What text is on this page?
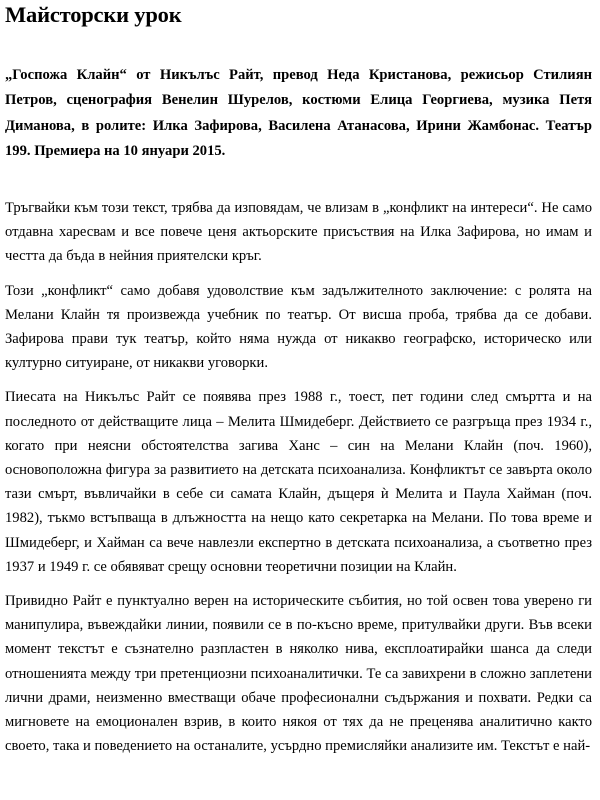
Майсторски урок

„Госпожа Клайн“ от Никълъс Райт, превод Неда Кристанова, режисьор Стилиян Петров, сценография Венелин Шурелов, костюми Елица Георгиева, музика Петя Диманова, в ролите: Илка Зафирова, Василена Атанасова, Ирини Жамбонас. Театър 199. Премиера на 10 януари 2015.

Тръгвайки към този текст, трябва да изповядам, че влизам в „конфликт на интереси“. Не само отдавна харесвам и все повече ценя актьорските присъствия на Илка Зафирова, но имам и честта да бъда в нейния приятелски кръг.

Този „конфликт“ само добавя удоволствие към задължителното заключение: с ролята на Мелани Клайн тя произвежда учебник по театър. От висша проба, трябва да се добави. Зафирова прави тук театър, който няма нужда от никакво географско, историческо или културно ситуиране, от никакви уговорки.

Пиесата на Никълъс Райт се появява през 1988 г., тоест, пет години след смъртта и на последното от действащите лица – Мелита Шмидеберг. Действието се разгръща през 1934 г., когато при неясни обстоятелства загива Ханс – син на Мелани Клайн (поч. 1960), основоположна фигура за развитието на детската психоанализа. Конфликтът се завърта около тази смърт, въвличайки в себе си самата Клайн, дъщеря ѝ Мелита и Паула Хайман (поч. 1982), тъкмо встъпваща в длъжността на нещо като секретарка на Мелани. По това време и Шмидеберг, и Хайман са вече навлезли експертно в детската психоанализа, а съответно през 1937 и 1949 г. се обявяват срещу основни теоретични позиции на Клайн.

Привидно Райт е пунктуално верен на историческите събития, но той освен това уверено ги манипулира, въвеждайки линии, появили се в по-късно време, притулвайки други. Във всеки момент текстът е съзнателно разпластен в няколко нива, експлоатирайки шанса да следи отношенията между три претенциозни психоаналитички. Те са завихрени в сложно заплетени лични драми, неизменно вместващи обаче професионални съдържания и похвати. Редки са мигновете на емоционален взрив, в които някоя от тях да не преценява аналитично както своето, така и поведението на останалите, усърдно премисляйки анализите им. Текстът е най-
